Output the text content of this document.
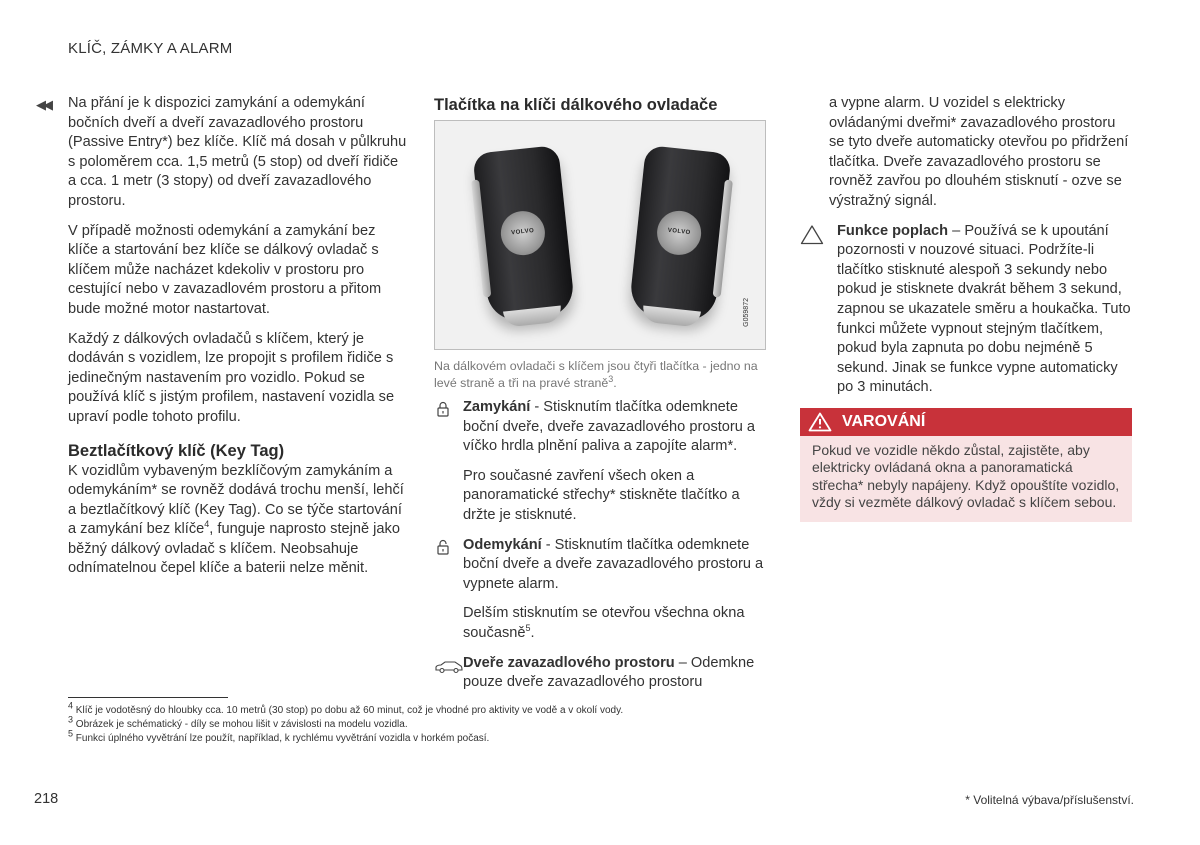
KLÍČ, ZÁMKY A ALARM
◀◀ Na přání je k dispozici zamykání a odemykání bočních dveří a dveří zavazadlového prostoru (Passive Entry*) bez klíče. Klíč má dosah v půlkruhu s poloměrem cca. 1,5 metrů (5 stop) od dveří řidiče a cca. 1 metr (3 stopy) od dveří zavazadlového prostoru.

V případě možnosti odemykání a zamykání bez klíče a startování bez klíče se dálkový ovladač s klíčem může nacházet kdekoliv v prostoru pro cestující nebo v zavazadlovém prostoru a přitom bude možné motor nastartovat.

Každý z dálkových ovladačů s klíčem, který je dodáván s vozidlem, lze propojit s profilem řidiče s jedinečným nastavením pro vozidlo. Pokud se používá klíč s jistým profilem, nastavení vozidla se upraví podle tohoto profilu.

Beztlačítkový klíč (Key Tag)

K vozidlům vybaveným bezklíčovým zamykáním a odemykáním* se rovněž dodává trochu menší, lehčí a beztlačítkový klíč (Key Tag). Co se týče startování a zamykání bez klíče$^4$, funguje naprosto stejně jako běžný dálkový ovladač s klíčem. Neobsahuje odnímatelnou čepel klíče a baterii nelze měnit.

Tlačítka na klíči dálkového ovladače
VOLVO	VOLVO
G059872
Na dálkovém ovladači s klíčem jsou čtyři tlačítka - jedno na levé straně a tři na pravé straně$^3$.

Zamykání - Stisknutím tlačítka odemknete boční dveře, dveře zavazadlového prostoru a víčko hrdla plnění paliva a zapojíte alarm*.

Pro současné zavření všech oken a panoramatické střechy* stiskněte tlačítko a držte je stisknuté.

Odemykání - Stisknutím tlačítka odemknete boční dveře a dveře zavazadlového prostoru a vypnete alarm.

Delším stisknutím se otevřou všechna okna současně$^5$.

Dveře zavazadlového prostoru – Odemkne pouze dveře zavazadlového prostoru

a vypne alarm. U vozidel s elektricky ovládanými dveřmi* zavazadlového prostoru se tyto dveře automaticky otevřou po přidržení tlačítka. Dveře zavazadlového prostoru se rovněž zavřou po dlouhém stisknutí - ozve se výstražný signál.

Funkce poplach – Používá se k upoutání pozornosti v nouzové situaci. Podržíte-li tlačítko stisknuté alespoň 3 sekundy nebo pokud je stisknete dvakrát během 3 sekund, zapnou se ukazatele směru a houkačka. Tuto funkci můžete vypnout stejným tlačítkem, pokud byla zapnuta po dobu nejméně 5 sekund. Jinak se funkce vypne automaticky po 3 minutách.

VAROVÁNÍ
Pokud ve vozidle někdo zůstal, zajistěte, aby elektricky ovládaná okna a panoramatická střecha* nebyly napájeny. Když opouštíte vozidlo, vždy si vezměte dálkový ovladač s klíčem sebou.
$^4$ Klíč je vodotěsný do hloubky cca. 10 metrů (30 stop) po dobu až 60 minut, což je vhodné pro aktivity ve vodě a v okolí vody.
$^3$ Obrázek je schématický - díly se mohou lišit v závislosti na modelu vozidla.
$^5$ Funkci úplného vyvětrání lze použít, například, k rychlému vyvětrání vozidla v horkém počasí.
218	* Volitelná výbava/příslušenství.
